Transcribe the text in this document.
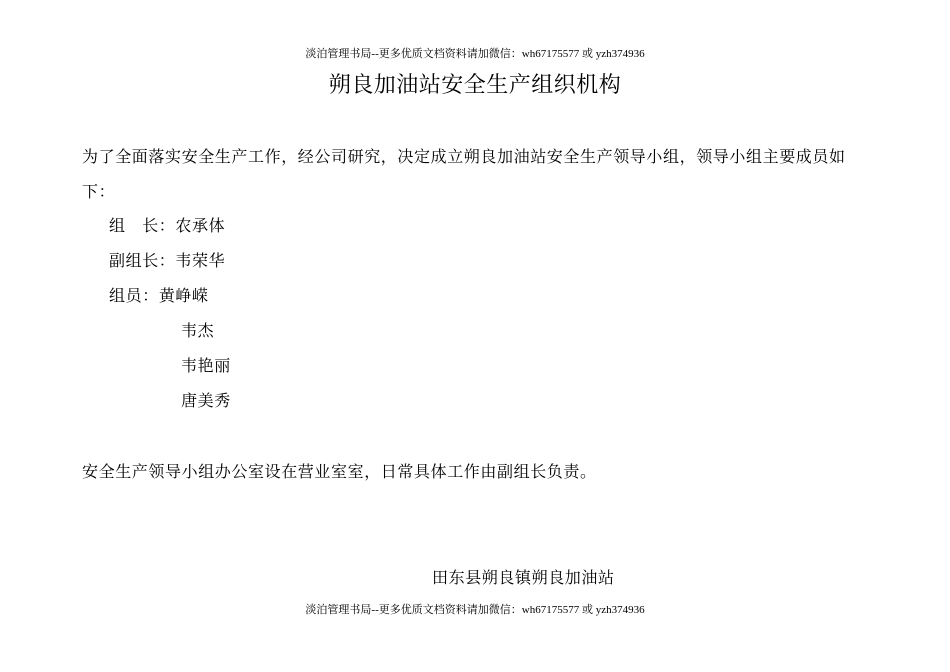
淡泊管理书局--更多优质文档资料请加微信：wh67175577 或 yzh374936
朔良加油站安全生产组织机构
为了全面落实安全生产工作，经公司研究，决定成立朔良加油站安全生产领导小组，领导小组主要成员如下：
组　长：农承体
副组长：韦荣华
组员：黄峥嵘
韦杰
韦艳丽
唐美秀
安全生产领导小组办公室设在营业室室，日常具体工作由副组长负责。
田东县朔良镇朔良加油站
淡泊管理书局--更多优质文档资料请加微信：wh67175577 或 yzh374936
